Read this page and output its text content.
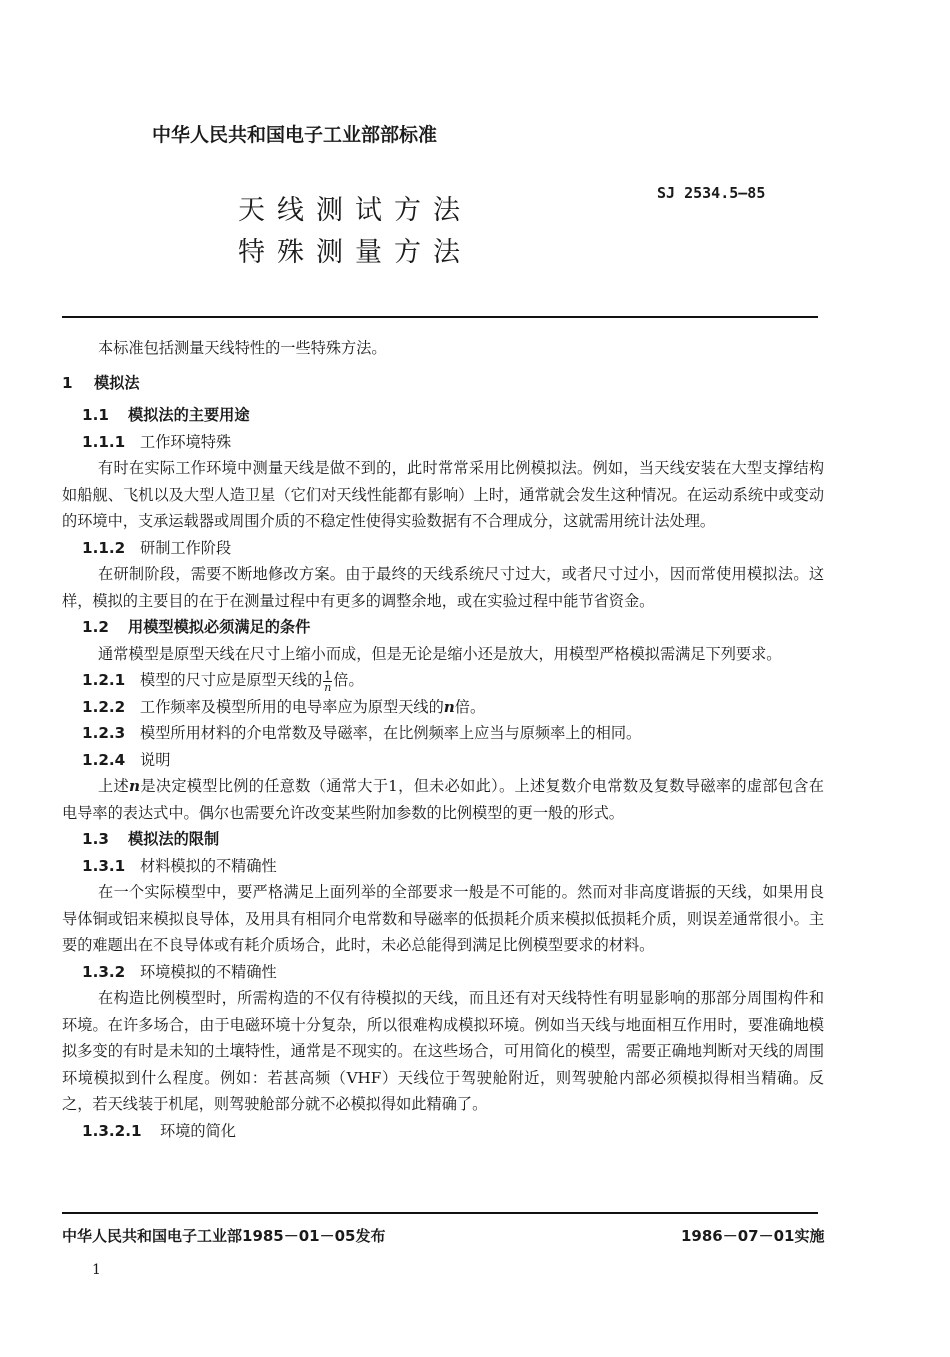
中华人民共和国电子工业部部标准
天线测试方法
特殊测量方法
SJ 2534.5—85

本标准包括测量天线特性的一些特殊方法。

1 模拟法

1.1 模拟法的主要用途

1.1.1 工作环境特殊

有时在实际工作环境中测量天线是做不到的，此时常常采用比例模拟法。例如，当天线安装在大型支撑结构如船舰、飞机以及大型人造卫星（它们对天线性能都有影响）上时，通常就会发生这种情况。在运动系统中或变动的环境中，支承运载器或周围介质的不稳定性使得实验数据有不合理成分，这就需用统计法处理。

1.1.2 研制工作阶段

在研制阶段，需要不断地修改方案。由于最终的天线系统尺寸过大，或者尺寸过小，因而常使用模拟法。这样，模拟的主要目的在于在测量过程中有更多的调整余地，或在实验过程中能节省资金。

1.2 用模型模拟必须满足的条件

通常模型是原型天线在尺寸上缩小而成，但是无论是缩小还是放大，用模型严格模拟需满足下列要求。

1.2.1 模型的尺寸应是原型天线的 $\frac{1}{n}$ 倍。

1.2.2 工作频率及模型所用的电导率应为原型天线的n倍。

1.2.3 模型所用材料的介电常数及导磁率，在比例频率上应当与原频率上的相同。

1.2.4 说明

上述n是决定模型比例的任意数（通常大于1，但未必如此）。上述复数介电常数及复数导磁率的虚部包含在电导率的表达式中。偶尔也需要允许改变某些附加参数的比例模型的更一般的形式。

1.3 模拟法的限制

1.3.1 材料模拟的不精确性

在一个实际模型中，要严格满足上面列举的全部要求一般是不可能的。然而对非高度谐振的天线，如果用良导体铜或铝来模拟良导体，及用具有相同介电常数和导磁率的低损耗介质来模拟低损耗介质，则误差通常很小。主要的难题出在不良导体或有耗介质场合，此时，未必总能得到满足比例模型要求的材料。

1.3.2 环境模拟的不精确性

在构造比例模型时，所需构造的不仅有待模拟的天线，而且还有对天线特性有明显影响的那部分周围构件和环境。在许多场合，由于电磁环境十分复杂，所以很难构成模拟环境。例如当天线与地面相互作用时，要准确地模拟多变的有时是未知的土壤特性，通常是不现实的。在这些场合，可用简化的模型，需要正确地判断对天线的周围环境模拟到什么程度。例如：若甚高频（VHF）天线位于驾驶舱附近，则驾驶舱内部必须模拟得相当精确。反之，若天线装于机尾，则驾驶舱部分就不必模拟得如此精确了。

1.3.2.1 环境的简化

中华人民共和国电子工业部1985－01－05发布	1986－07－01实施
1
